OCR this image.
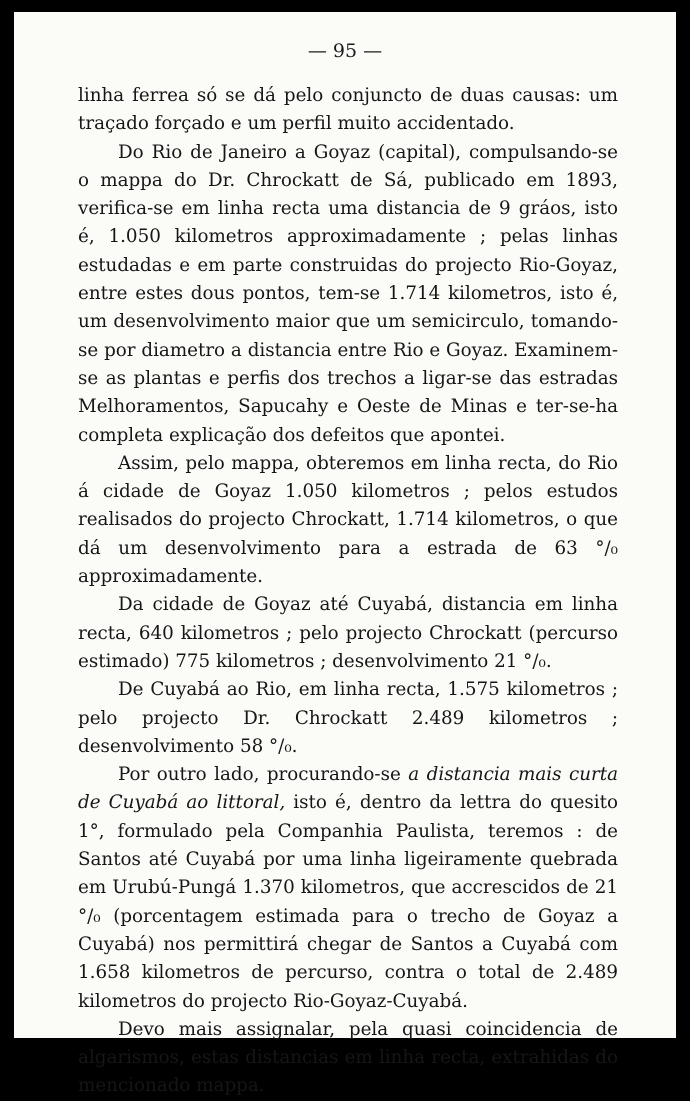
— 95 —

linha ferrea só se dá pelo conjuncto de duas causas: um traçado forçado e um perfil muito accidentado.

Do Rio de Janeiro a Goyaz (capital), compulsando-se o mappa do Dr. Chrockatt de Sá, publicado em 1893, verifica-se em linha recta uma distancia de 9 gráos, isto é, 1.050 kilometros approximadamente ; pelas linhas estudadas e em parte construidas do projecto Rio-Goyaz, entre estes dous pontos, tem-se 1.714 kilometros, isto é, um desenvolvimento maior que um semicirculo, tomando-se por diametro a distancia entre Rio e Goyaz. Examinem-se as plantas e perfis dos trechos a ligar-se das estradas Melhoramentos, Sapucahy e Oeste de Minas e ter-se-ha completa explicação dos defeitos que apontei.

Assim, pelo mappa, obteremos em linha recta, do Rio á cidade de Goyaz 1.050 kilometros ; pelos estudos realisados do projecto Chrockatt, 1.714 kilometros, o que dá um desenvolvimento para a estrada de 63 °/₀ approximadamente.

Da cidade de Goyaz até Cuyabá, distancia em linha recta, 640 kilometros ; pelo projecto Chrockatt (percurso estimado) 775 kilometros ; desenvolvimento 21 °/₀.

De Cuyabá ao Rio, em linha recta, 1.575 kilometros ; pelo projecto Dr. Chrockatt 2.489 kilometros ; desenvolvimento 58 °/₀.

Por outro lado, procurando-se a distancia mais curta de Cuyabá ao littoral, isto é, dentro da lettra do quesito 1°, formulado pela Companhia Paulista, teremos : de Santos até Cuyabá por uma linha ligeiramente quebrada em Urubú-Pungá 1.370 kilometros, que accrescidos de 21 °/₀ (porcentagem estimada para o trecho de Goyaz a Cuyabá) nos permittirá chegar de Santos a Cuyabá com 1.658 kilometros de percurso, contra o total de 2.489 kilometros do projecto Rio-Goyaz-Cuyabá.

Devo mais assignalar, pela quasi coincidencia de algarismos, estas distancias em linha recta, extrahidas do mencionado mappa.
